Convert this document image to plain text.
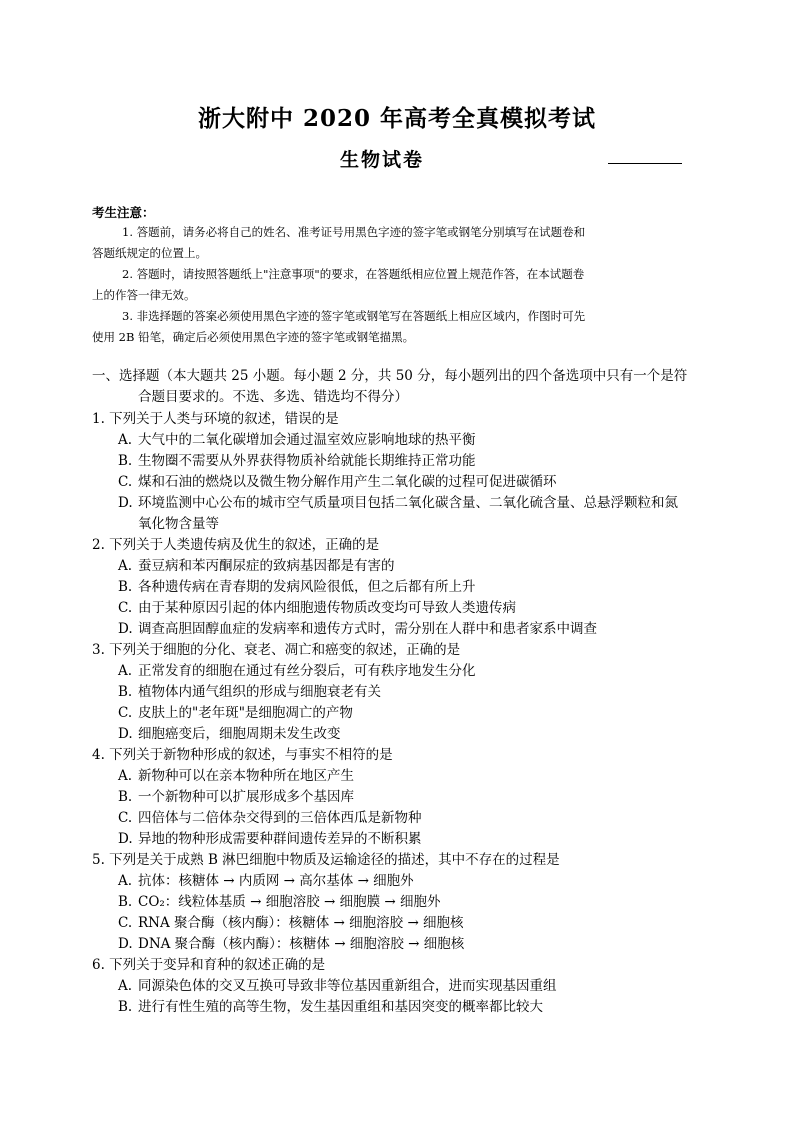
浙大附中 2020 年高考全真模拟考试
生物试卷
考生注意：
1. 答题前，请务必将自己的姓名、准考证号用黑色字迹的签字笔或钢笔分别填写在试题卷和
答题纸规定的位置上。
2. 答题时，请按照答题纸上"注意事项"的要求，在答题纸相应位置上规范作答，在本试题卷
上的作答一律无效。
3. 非选择题的答案必须使用黑色字迹的签字笔或钢笔写在答题纸上相应区域内，作图时可先
使用 2B 铅笔，确定后必须使用黑色字迹的签字笔或钢笔描黑。
一、选择题（本大题共 25 小题。每小题 2 分，共 50 分，每小题列出的四个备选项中只有一个是符
合题目要求的。不选、多选、错选均不得分）
1. 下列关于人类与环境的叙述，错误的是
A. 大气中的二氧化碳增加会通过温室效应影响地球的热平衡
B. 生物圈不需要从外界获得物质补给就能长期维持正常功能
C. 煤和石油的燃烧以及微生物分解作用产生二氧化碳的过程可促进碳循环
D. 环境监测中心公布的城市空气质量项目包括二氧化碳含量、二氧化硫含量、总悬浮颗粒和氮
氧化物含量等
2. 下列关于人类遗传病及优生的叙述，正确的是
A. 蚕豆病和苯丙酮尿症的致病基因都是有害的
B. 各种遗传病在青春期的发病风险很低，但之后都有所上升
C. 由于某种原因引起的体内细胞遗传物质改变均可导致人类遗传病
D. 调查高胆固醇血症的发病率和遗传方式时，需分别在人群中和患者家系中调查
3. 下列关于细胞的分化、衰老、凋亡和癌变的叙述，正确的是
A. 正常发育的细胞在通过有丝分裂后，可有秩序地发生分化
B. 植物体内通气组织的形成与细胞衰老有关
C. 皮肤上的"老年斑"是细胞凋亡的产物
D. 细胞癌变后，细胞周期未发生改变
4. 下列关于新物种形成的叙述，与事实不相符的是
A. 新物种可以在亲本物种所在地区产生
B. 一个新物种可以扩展形成多个基因库
C. 四倍体与二倍体杂交得到的三倍体西瓜是新物种
D. 异地的物种形成需要种群间遗传差异的不断积累
5. 下列是关于成熟 B 淋巴细胞中物质及运输途径的描述，其中不存在的过程是
A. 抗体：核糖体 → 内质网 → 高尔基体 → 细胞外
B. CO₂：线粒体基质 → 细胞溶胶 → 细胞膜 → 细胞外
C. RNA 聚合酶（核内酶）：核糖体 → 细胞溶胶 → 细胞核
D. DNA 聚合酶（核内酶）：核糖体 → 细胞溶胶 → 细胞核
6. 下列关于变异和育种的叙述正确的是
A. 同源染色体的交叉互换可导致非等位基因重新组合，进而实现基因重组
B. 进行有性生殖的高等生物，发生基因重组和基因突变的概率都比较大
